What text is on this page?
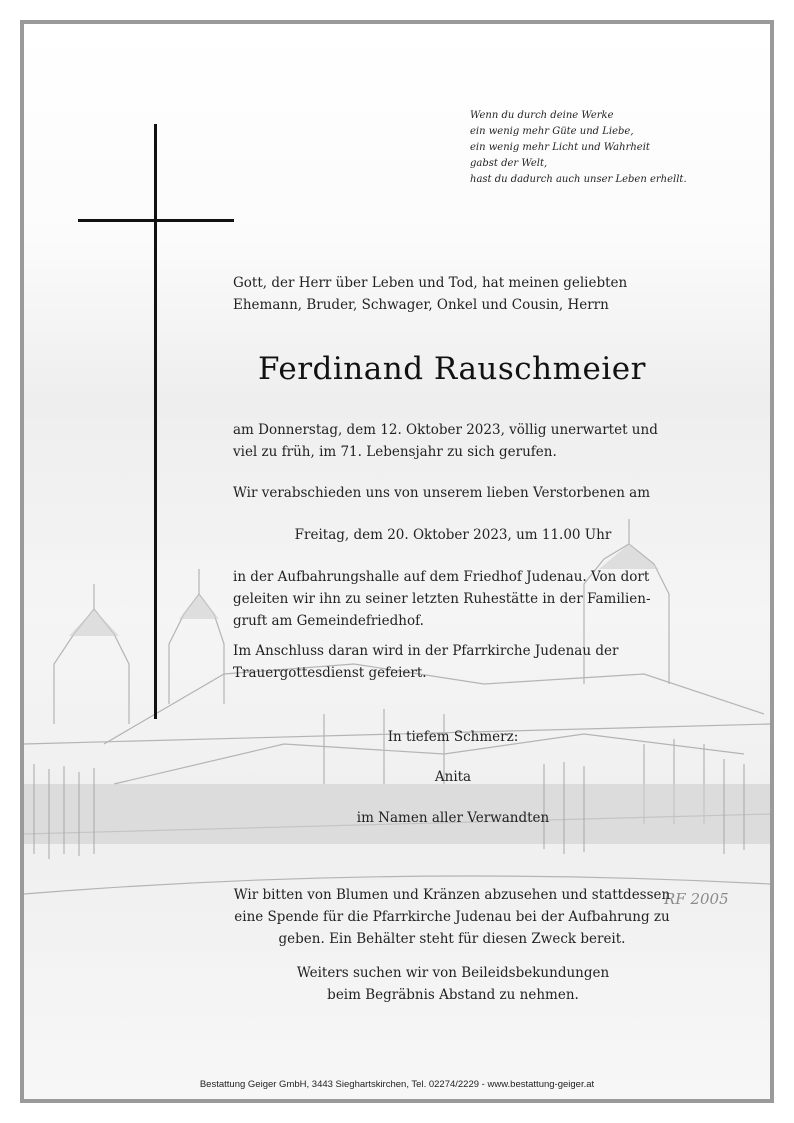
RF 2005
Wenn du durch deine Werke
ein wenig mehr Güte und Liebe,
ein wenig mehr Licht und Wahrheit
gabst der Welt,
hast du dadurch auch unser Leben erhellt.
Gott, der Herr über Leben und Tod, hat meinen geliebten
Ehemann, Bruder, Schwager, Onkel und Cousin, Herrn
Ferdinand Rauschmeier
am Donnerstag, dem 12. Oktober 2023, völlig unerwartet und
viel zu früh, im 71. Lebensjahr zu sich gerufen.
Wir verabschieden uns von unserem lieben Verstorbenen am
Freitag, dem 20. Oktober 2023, um 11.00 Uhr
in der Aufbahrungshalle auf dem Friedhof Judenau. Von dort
geleiten wir ihn zu seiner letzten Ruhestätte in der Familien-
gruft am Gemeindefriedhof.
Im Anschluss daran wird in der Pfarrkirche Judenau der
Trauergottesdienst gefeiert.
In tiefem Schmerz:
Anita
im Namen aller Verwandten
Wir bitten von Blumen und Kränzen abzusehen und stattdessen
eine Spende für die Pfarrkirche Judenau bei der Aufbahrung zu
geben. Ein Behälter steht für diesen Zweck bereit.
Weiters suchen wir von Beileidsbekundungen
beim Begräbnis Abstand zu nehmen.
Bestattung Geiger GmbH, 3443 Sieghartskirchen, Tel. 02274/2229 - www.bestattung-geiger.at
